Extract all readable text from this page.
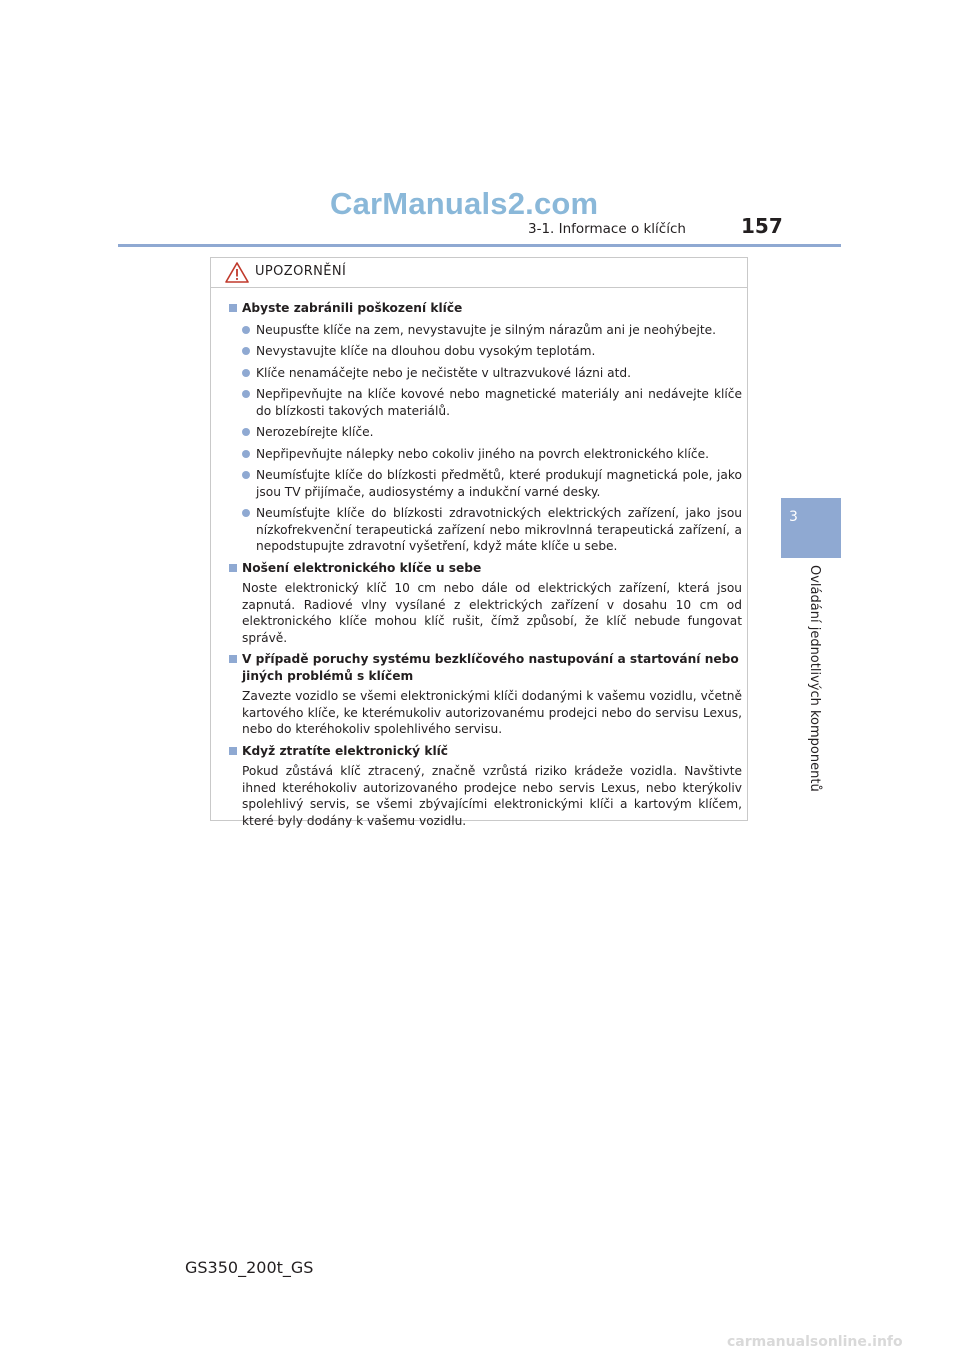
CarManuals2.com
3-1. Informace o klíčích	157
3
Ovládání jednotlivých komponentů
UPOZORNĚNÍ
Abyste zabránili poškození klíče
Neupusťte klíče na zem, nevystavujte je silným nárazům ani je neohýbejte.
Nevystavujte klíče na dlouhou dobu vysokým teplotám.
Klíče nenamáčejte nebo je nečistěte v ultrazvukové lázni atd.
Nepřipevňujte na klíče kovové nebo magnetické materiály ani nedávejte klíče do blízkosti takových materiálů.
Nerozebírejte klíče.
Nepřipevňujte nálepky nebo cokoliv jiného na povrch elektronického klíče.
Neumísťujte klíče do blízkosti předmětů, které produkují magnetická pole, jako jsou TV přijímače, audiosystémy a indukční varné desky.
Neumísťujte klíče do blízkosti zdravotnických elektrických zařízení, jako jsou nízkofrekvenční terapeutická zařízení nebo mikrovlnná terapeutická zařízení, a nepodstupujte zdravotní vyšetření, když máte klíče u sebe.
Nošení elektronického klíče u sebe
Noste elektronický klíč 10 cm nebo dále od elektrických zařízení, která jsou zapnutá. Radiové vlny vysílané z elektrických zařízení v dosahu 10 cm od elektronického klíče mohou klíč rušit, čímž způsobí, že klíč nebude fungovat správě.
V případě poruchy systému bezklíčového nastupování a startování nebo jiných problémů s klíčem
Zavezte vozidlo se všemi elektronickými klíči dodanými k vašemu vozidlu, včetně kartového klíče, ke kterémukoliv autorizovanému prodejci nebo do servisu Lexus, nebo do kteréhokoliv spolehlivého servisu.
Když ztratíte elektronický klíč
Pokud zůstává klíč ztracený, značně vzrůstá riziko krádeže vozidla. Navštivte ihned kteréhokoliv autorizovaného prodejce nebo servis Lexus, nebo kterýkoliv spolehlivý servis, se všemi zbývajícími elektronickými klíči a kartovým klíčem, které byly dodány k vašemu vozidlu.
GS350_200t_GS
carmanualsonline.info
